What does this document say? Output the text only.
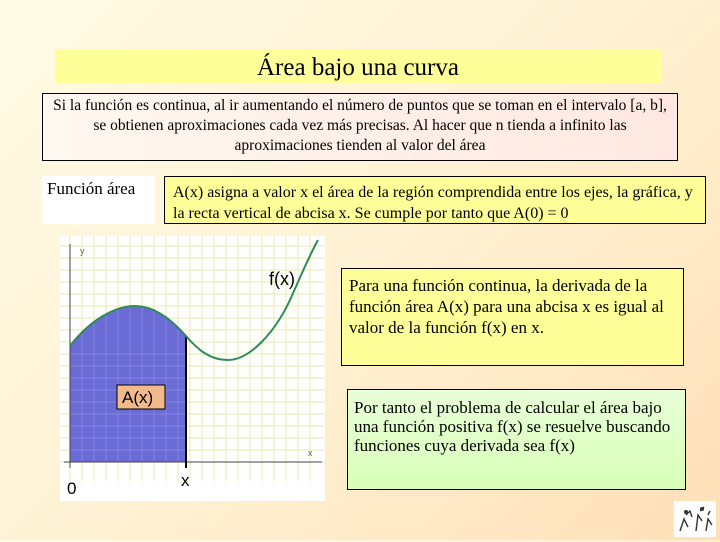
Área bajo una curva
Si la función es continua, al ir aumentando el número de puntos que se toman en el intervalo [a, b], se obtienen aproximaciones cada vez más precisas. Al hacer que n tienda a infinito las aproximaciones tienden al valor del área
Función área	A(x) asigna a valor x el área de la región comprendida entre los ejes, la gráfica, y la recta vertical de abcisa x. Se cumple por tanto que A(0) = 0
y
x
f(x)
A(x)
x
0
Para una función continua, la derivada de la función área A(x) para una abcisa x es igual al valor de la función f(x) en x.
Por tanto el problema de calcular el área bajo una función positiva f(x) se resuelve buscando funciones cuya derivada sea f(x)
